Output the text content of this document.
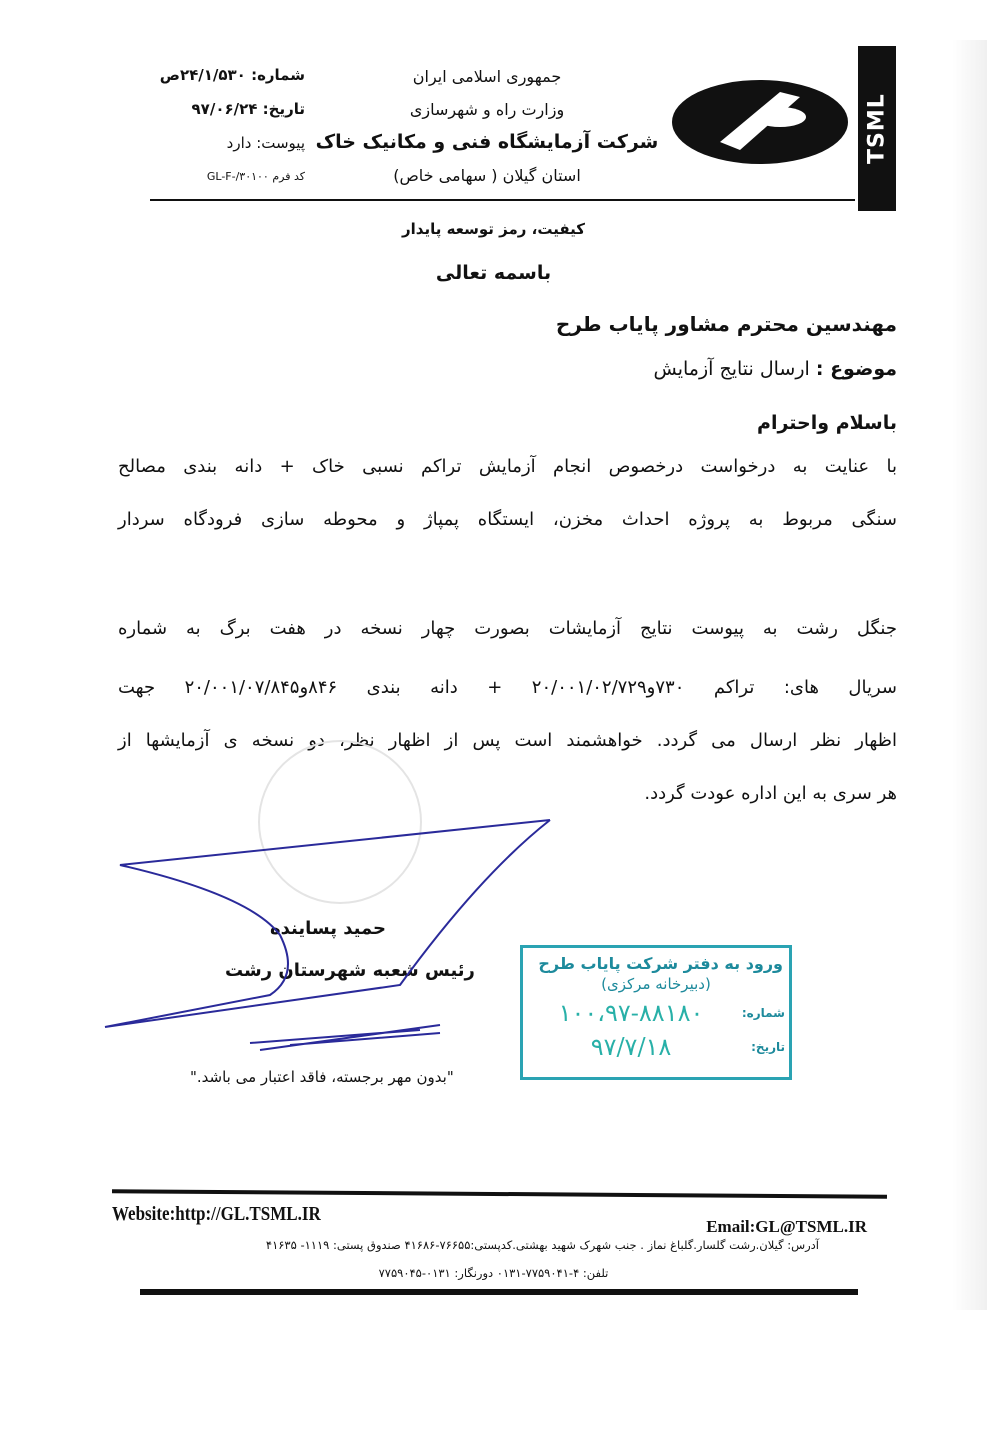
شماره: ۲۴/۱/۵۳۰ص
تاریخ: ۹۷/۰۶/۲۴
پیوست: دارد
کد فرم GL-F-/۳۰۱۰۰
جمهوری اسلامی ایران
وزارت راه و شهرسازی
شرکت آزمایشگاه فنی و مکانیک خاک
استان گیلان ( سهامی خاص)
TSML
کیفیت، رمز توسعه پایدار
باسمه تعالی
مهندسین محترم مشاور پایاب طرح
موضوع : ارسال نتایج آزمایش
باسلام واحترام

با عنایت به درخواست درخصوص انجام آزمایش تراکم نسبی خاک + دانه بندی مصالح

سنگی مربوط به پروژه احداث مخزن، ایستگاه پمپاژ و محوطه سازی فرودگاه سردار

جنگل رشت به پیوست نتایج آزمایشات بصورت چهار نسخه در هفت برگ به شماره

سریال های: تراکم ۷۳۰و۲۰/۰۰۱/۰۲/۷۲۹ + دانه بندی ۸۴۶و۲۰/۰۰۱/۰۷/۸۴۵ جهت

اظهار نظر ارسال می گردد. خواهشمند است پس از اظهار نظر، دو نسخه ی آزمایشها از

هر سری به این اداره عودت گردد.

حمید پساینده
رئیس شعبه شهرستان رشت
"بدون مهر برجسته، فاقد اعتبار می باشد."
ورود به دفتر شرکت پایاب طرح
(دبیرخانه مرکزی)
شماره:
۱۰۰،۹۷-۸۸۱۸۰
تاریخ:
۹۷/۷/۱۸
Website:http://GL.TSML.IR
Email:GL@TSML.IR
آدرس: گیلان.رشت گلسار.گلباغ نماز . جنب شهرک شهید بهشتی.کدپستی:۷۶۶۵۵-۴۱۶۸۶ صندوق پستی: ۱۱۱۹- ۴۱۶۳۵
تلفن: ۴-۷۷۵۹۰۴۱-۰۱۳۱ دورنگار: ۰۱۳۱-۷۷۵۹۰۴۵
